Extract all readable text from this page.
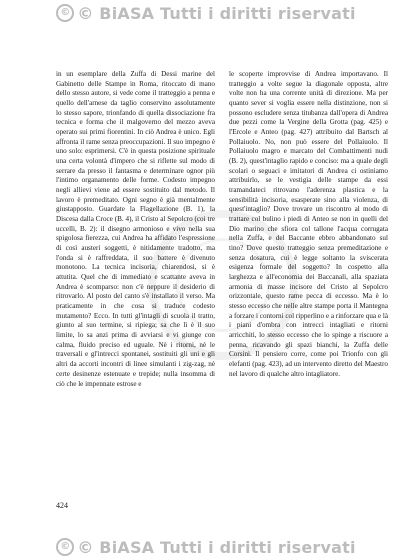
© © BiASA Tutti i diritti riservati

in un esemplare della Zuffa di Dessi marine del Gabinetto delle Stampe in Roma, ritoccato di mano dello stesso autore, si vede come il tratteggio a penna e quello dell'arnese da taglio conservino assolutamente lo stesso sapore, trionfando di quella dissociazione fra tecnica e forma che il malgoverno del mezzo aveva operato sui primi fiorentini. In ciò Andrea è unico. Egli affronta il rame senza preoccupazioni. Il suo impegno è uno solo: esprimersi. C'è in questa posizione spirituale una certa volontà d'impero che si riflette sul modo di serrare da presso il fantasma e determinare ognor più l'intimo organamento delle forme. Codesto impegno negli allievi viene ad essere sostituito dal metodo. Il lavoro è premeditato. Ogni segno è già mentalmente giustapposto. Guardate la Flagellazione (B. 1), la Discesa dalla Croce (B. 4), il Cristo al Sepolcro (coi tre uccelli, B. 2): il disegno armonioso e vivo nella sua spigolosa fierezza, cui Andrea ha affidato l'espressione di così austeri soggetti, è nitidamente tradotto, ma l'onda si è raffreddata, il suo battere è divenuto monotono. La tecnica incisoria, chiarendosi, si è attutita. Quel che di immediato e scattante aveva in Andrea è scomparso: non c'è neppure il desiderio di ritrovarlo. Al posto del canto s'è installato il verso. Ma praticamente in che cosa si traduce codesto mutamento? Ecco. In tutti gl'intagli di scuola il tratto, giunto al suo termine, si ripiega; sa che lì è il suo limite, lo sa anzi prima di avviarsi e vi giunge con calma, fluido preciso ed uguale. Nè i ritorni, nè le traversali e gl'intrecci spontanei, sostituiti gli uni e gli altri da accorti incontri di linee simulanti i zig-zag, nè certe desinenze estenuate e trepide; nulla insomma di ciò che le impennate estrose e

le scoperte improvvise di Andrea importavano. Il tratteggio a volte segue la diagonale opposta, altre volte non ha una corrente unità di direzione. Ma per quanto sever si voglia essere nella distinzione, non si possono escludere senza titubanza dall'opera di Andrea due pezzi come la Vergine della Grotta (pag. 425) e l'Ercole e Anteo (pag. 427) attribuito dal Bartsch al Pollaiuolo. No, non può essere del Pollaiuolo. Il Pollaiuolo magro e marcato del Combattimenti nudi (B. 2), quest'intaglio rapido e conciso: ma a quale degli scolari o seguaci e imitatori di Andrea ci ostiniamo attribuirlo, se le vestigia delle stampe da essi tramandateci ritrovano l'aderenza plastica e la sensibilità incisoria, esasperate sino alla violenza, di quest'intaglio? Dove trovare un riscontro al modo di trattare col bulino i piedi di Anteo se non in quelli del Dio marino che sfiora col tallone l'acqua corrugata nella Zuffa, e del Baccante ebbro abbandonato sul tino? Dove questo tratteggio senza premeditazione e senza dosatura, cui è legge soltanto la svisceratа esigenza formale del soggetto? In cospetto alla larghezza e all'economia dei Baccanali, alla spaziata armonia di masse incisore del Cristo al Sepolcro orizzontale, questo rame pecca di eccesso. Ma è lo stesso eccesso che nelle altre stampe porta il Mantegna a forzare i contorni col ripperlino e a rinforzare qua e là i piani d'ombra con intrecci intagliati e ritorni arricchiti, lo stesso eccesso che lo spinge a riscuore a penna, ricavando gli spazi bianchi, la Zuffa delle Corsini. Il pensiero corre, come poi Trionfo con gli elefanti (pag. 423), ad un intervento diretto del Maestro nel lavoro di qualche altro intagliatore.

424
© © BiASA Tutti i diritti riservati
